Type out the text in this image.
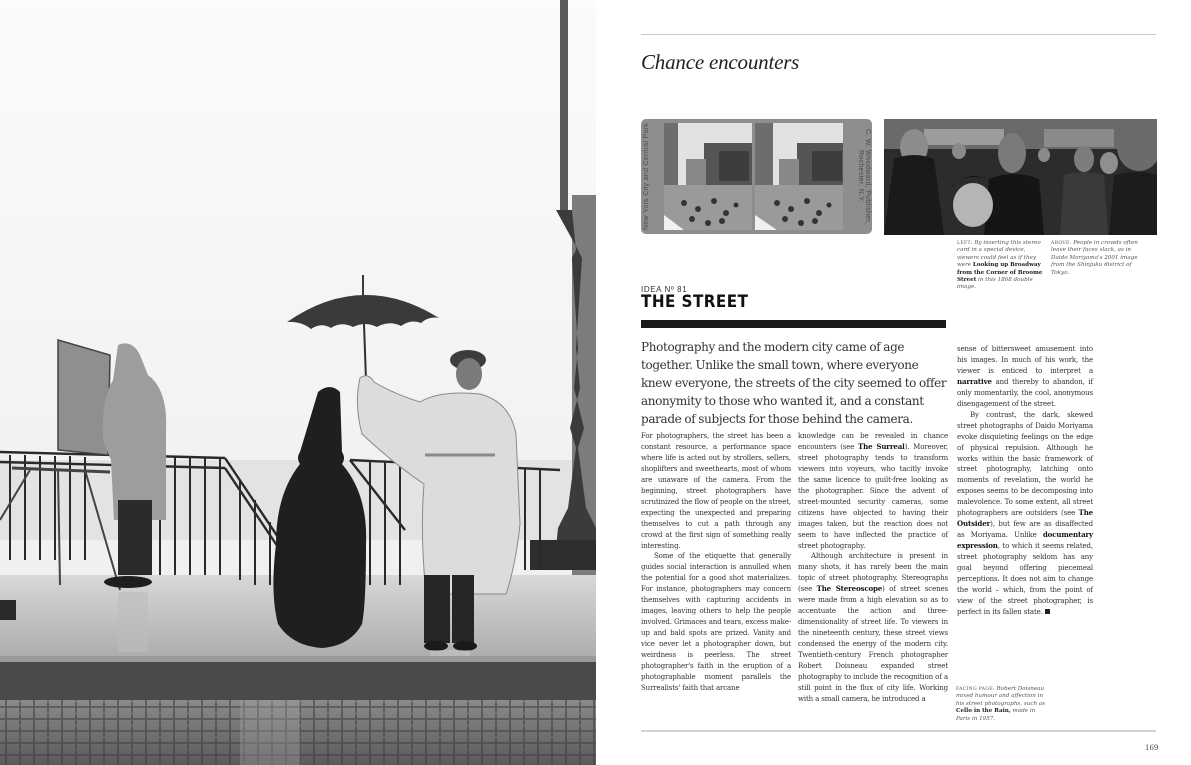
Chance encounters
New York City and Central Park	C. W. Woodward, Publisher, Rochester, N.Y.
LEFT: By inserting this stereo card in a special device, viewers could feel as if they were Looking up Broadway from the Corner of Broome Street in this 1868 double image.
ABOVE: People in crowds often leave their faces slack, as in Daido Moriyama's 2001 image from the Shinjuku district of Tokyo.
IDEA Nº 81
THE STREET
Photography and the modern city came of age together. Unlike the small town, where everyone knew everyone, the streets of the city seemed to offer anonymity to those who wanted it, and a constant parade of subjects for those behind the camera.

For photographers, the street has been a constant resource, a performance space where life is acted out by strollers, sellers, shoplifters and sweethearts, most of whom are unaware of the camera. From the beginning, street photographers have scrutinized the flow of people on the street, expecting the unexpected and preparing themselves to cut a path through any crowd at the first sign of something really interesting.

Some of the etiquette that generally guides social interaction is annulled when the potential for a good shot materializes. For instance, photographers may concern themselves with capturing accidents in images, leaving others to help the people involved. Grimaces and tears, excess make-up and bald spots are prized. Vanity and vice never let a photographer down, but weirdness is peerless. The street photographer's faith in the eruption of a photographable moment parallels the Surrealists' faith that arcane

knowledge can be revealed in chance encounters (see The Surreal). Moreover, street photography tends to transform viewers into voyeurs, who tacitly invoke the same licence to guilt-free looking as the photographer. Since the advent of street-mounted security cameras, some citizens have objected to having their images taken, but the reaction does not seem to have inflected the practice of street photography.

Although architecture is present in many shots, it has rarely been the main topic of street photography. Stereographs (see The Stereoscope) of street scenes were made from a high elevation so as to accentuate the action and three-dimensionality of street life. To viewers in the nineteenth century, these street views condensed the energy of the modern city. Twentieth-century French photographer Robert Doisneau expanded street photography to include the recognition of a still point in the flux of city life. Working with a small camera, he introduced a

sense of bittersweet amusement into his images. In much of his work, the viewer is enticed to interpret a narrative and thereby to abandon, if only momentarily, the cool, anonymous disengagement of the street.

By contrast, the dark, skewed street photographs of Daido Moriyama evoke disquieting feelings on the edge of physical repulsion. Although he works within the basic framework of street photography, latching onto moments of revelation, the world he exposes seems to be decomposing into malevolence. To some extent, all street photographers are outsiders (see The Outsider), but few are as disaffected as Moriyama. Unlike documentary expression, to which it seems related, street photography seldom has any goal beyond offering piecemeal perceptions. It does not aim to change the world – which, from the point of view of the street photographer, is perfect in its fallen state.

FACING PAGE: Robert Doisneau mixed humour and affection in his street photographs, such as Cello in the Rain, made in Paris in 1957.
169
